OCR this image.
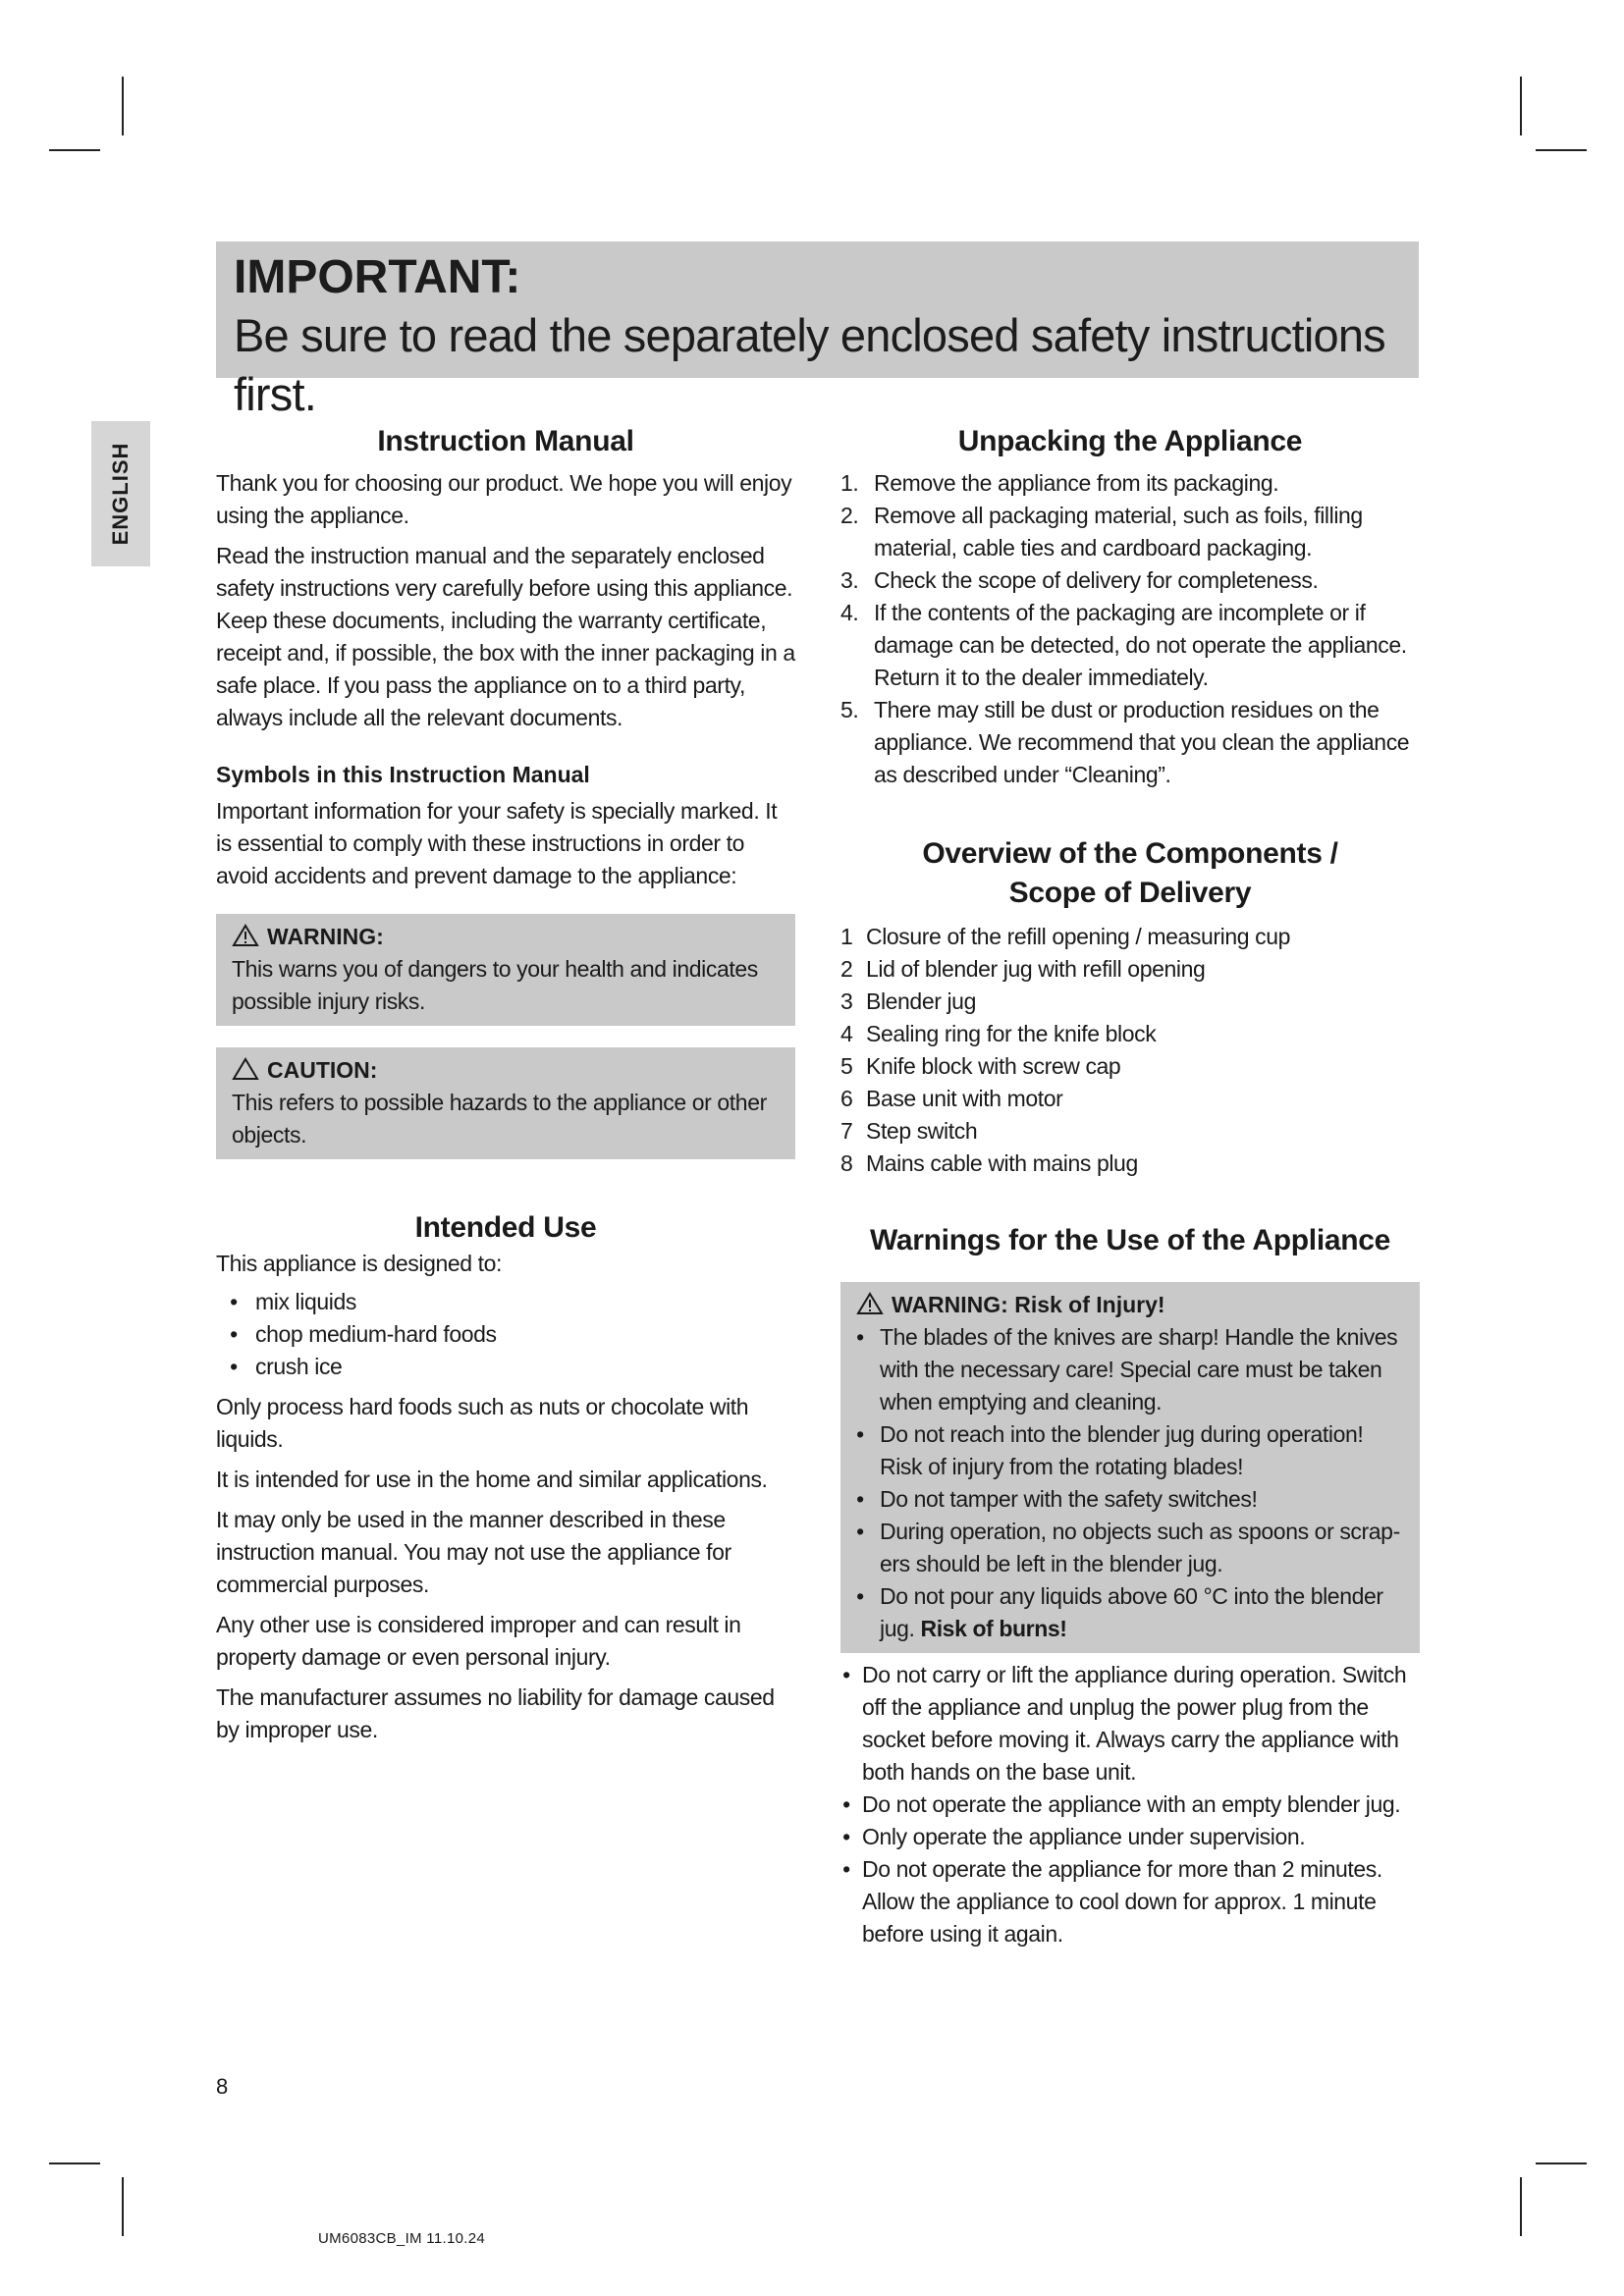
IMPORTANT:
Be sure to read the separately enclosed safety instructions first.
ENGLISH
Instruction Manual

Thank you for choosing our product. We hope you will enjoy using the appliance.

Read the instruction manual and the separately enclosed safety instructions very carefully before using this appliance. Keep these documents, including the warranty certificate, receipt and, if possible, the box with the inner packaging in a safe place. If you pass the appliance on to a third party, always include all the relevant documents.

Symbols in this Instruction Manual

Important information for your safety is specially marked. It is essential to comply with these instructions in order to avoid accidents and prevent damage to the appliance:

WARNING:
This warns you of dangers to your health and indicates possible injury risks.
CAUTION:
This refers to possible hazards to the appliance or other objects.
Intended Use

This appliance is designed to:

• mix liquids
• chop medium-hard foods
• crush ice

Only process hard foods such as nuts or chocolate with liquids.

It is intended for use in the home and similar applications.

It may only be used in the manner described in these instruction manual. You may not use the appliance for commercial purposes.

Any other use is considered improper and can result in property damage or even personal injury.

The manufacturer assumes no liability for damage caused by improper use.

Unpacking the Appliance
1. Remove the appliance from its packaging.
2. Remove all packaging material, such as foils, filling material, cable ties and cardboard packaging.
3. Check the scope of delivery for completeness.
4. If the contents of the packaging are incomplete or if damage can be detected, do not operate the appliance. Return it to the dealer immediately.
5. There may still be dust or production residues on the appliance. We recommend that you clean the appliance as described under “Cleaning”.
Overview of the Components /
Scope of Delivery
1 Closure of the refill opening / measuring cup
2 Lid of blender jug with refill opening
3 Blender jug
4 Sealing ring for the knife block
5 Knife block with screw cap
6 Base unit with motor
7 Step switch
8 Mains cable with mains plug
Warnings for the Use of the Appliance
WARNING: Risk of Injury!
• The blades of the knives are sharp! Handle the knives with the necessary care! Special care must be taken when emptying and cleaning.
• Do not reach into the blender jug during operation! Risk of injury from the rotating blades!
• Do not tamper with the safety switches!
• During operation, no objects such as spoons or scrap-ers should be left in the blender jug.
• Do not pour any liquids above 60 °C into the blender jug. Risk of burns!
• Do not carry or lift the appliance during operation. Switch off the appliance and unplug the power plug from the socket before moving it. Always carry the appliance with both hands on the base unit.
• Do not operate the appliance with an empty blender jug.
• Only operate the appliance under supervision.
• Do not operate the appliance for more than 2 minutes. Allow the appliance to cool down for approx. 1 minute before using it again.
8
UM6083CB_IM 11.10.24
